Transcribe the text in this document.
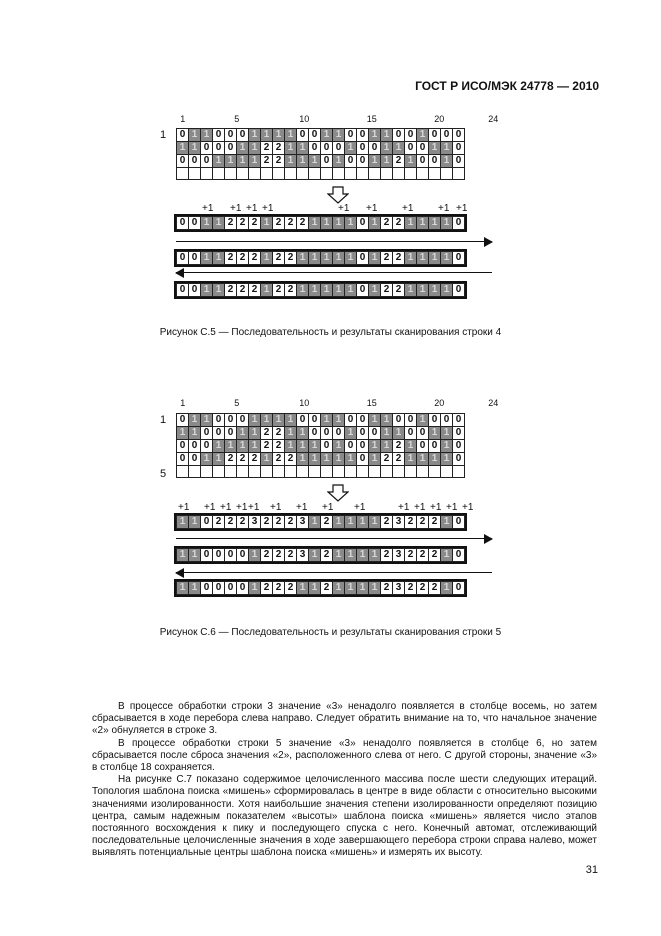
ГОСТ Р ИСО/МЭК 24778 — 2010
1	5	10	15	20	24
1 0	1	1	0	0	0	1	1	1	1	0	0	1	1	0	0	1	1	0	0	1	0	0	0
1	1	0	0	0	1	1	2	2	1	1	0	0	0	1	0	0	1	1	0	0	1	1	0
0	0	0	1	1	1	1	2	2	1	1	1	0	1	0	0	1	1	2	1	0	0	1	0

+1 +1 +1 +1	+1 +1 +1 +1 +1
0	0	1	1	2	2	2	1	2	2	2	1	1	1	1	0	1	2	2	1	1	1	1	0
0	0	1	1	2	2	2	1	2	2	1	1	1	1	1	0	1	2	2	1	1	1	1	0
0	0	1	1	2	2	2	1	2	2	1	1	1	1	1	0	1	2	2	1	1	1	1	0
Рисунок С.5 — Последовательность и результаты сканирования строки 4
1	5	10	15	20	24
1
5
0	1	1	0	0	0	1	1	1	1	0	0	1	1	0	0	1	1	0	0	1	0	0	0
1	1	0	0	0	1	1	2	2	1	1	0	0	0	1	0	0	1	1	0	0	1	1	0
0	0	0	1	1	1	1	2	2	1	1	1	0	1	0	0	1	1	2	1	0	0	1	0
0	0	1	1	2	2	2	1	2	2	1	1	1	1	1	0	1	2	2	1	1	1	1	0

+1 +1 +1 +1 +1 +1 +1 +1 +1	+1 +1 +1 +1 +1
1	1	0	2	2	2	3	2	2	2	3	1	2	1	1	1	1	2	3	2	2	2	1	0
1	1	0	0	0	0	1	2	2	2	3	1	2	1	1	1	1	2	3	2	2	2	1	0
1	1	0	0	0	0	1	2	2	2	1	1	2	1	1	1	1	2	3	2	2	2	1	0
Рисунок С.6 — Последовательность и результаты сканирования строки 5

В процессе обработки строки 3 значение «3» ненадолго появляется в столбце восемь, но затем сбрасывается в ходе перебора слева направо. Следует обратить внимание на то, что начальное значение «2» обнуляется в строке 3.

В процессе обработки строки 5 значение «3» ненадолго появляется в столбце 6, но затем сбрасывается после сброса значения «2», расположенного слева от него. С другой стороны, значение «3» в столбце 18 сохраняется.

На рисунке С.7 показано содержимое целочисленного массива после шести следующих итераций. Топология шаблона поиска «мишень» сформировалась в центре в виде области с относительно высокими значениями изолированности. Хотя наибольшие значения степени изолированности определяют позицию центра, самым надежным показателем «высоты» шаблона поиска «мишень» является число этапов постоянного восхождения к пику и последующего спуска с него. Конечный автомат, отслеживающий последовательные целочисленные значения в ходе завершающего перебора строки справа налево, может выявлять потенциальные центры шаблона поиска «мишень» и измерять их высоту.

31
